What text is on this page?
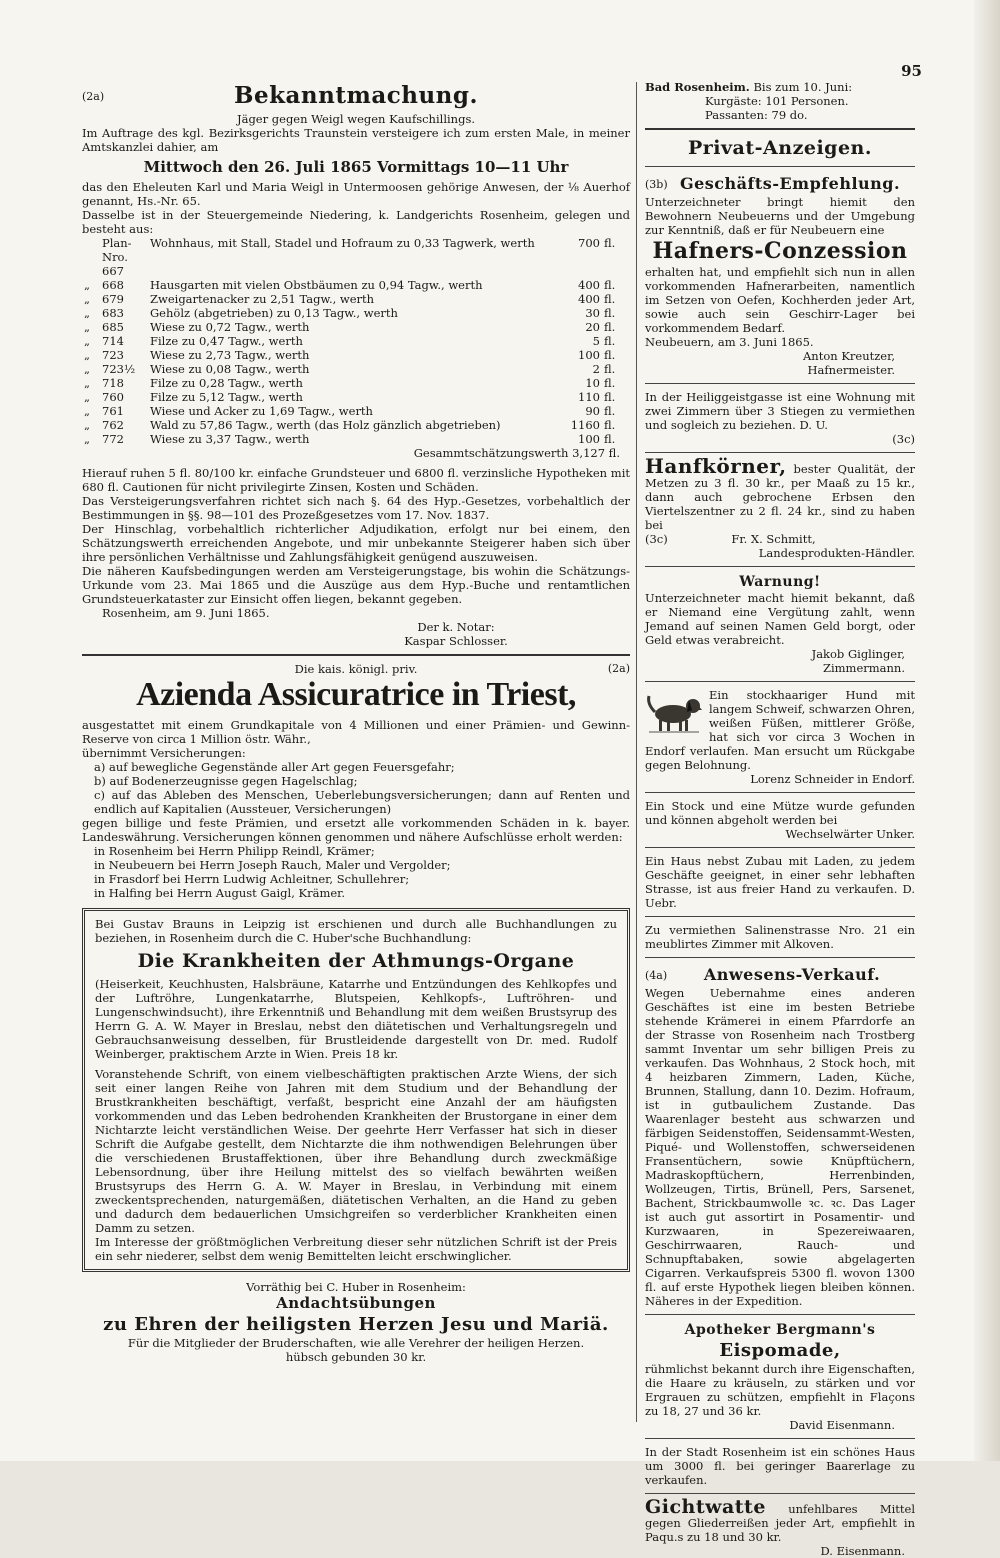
95
(2a)	Bekanntmachung.

Jäger gegen Weigl wegen Kaufschillings.

Im Auftrage des kgl. Bezirksgerichts Traunstein versteigere ich zum ersten Male, in meiner Amtskanzlei dahier, am

Mittwoch den 26. Juli 1865 Vormittags 10—11 Uhr

das den Eheleuten Karl und Maria Weigl in Untermoosen gehörige Anwesen, der ⅛ Auerhof genannt, Hs.-Nr. 65.

Dasselbe ist in der Steuergemeinde Niedering, k. Landgerichts Rosenheim, gelegen und besteht aus:

	Plan-Nro. 667	Wohnhaus, mit Stall, Stadel und Hofraum zu 0,33 Tagwerk, werth	700	fl.
„	668	Hausgarten mit vielen Obstbäumen zu 0,94 Tagw., werth	400	fl.
„	679	Zweigartenacker zu 2,51 Tagw., werth	400	fl.
„	683	Gehölz (abgetrieben) zu 0,13 Tagw., werth	30	fl.
„	685	Wiese zu 0,72 Tagw., werth	20	fl.
„	714	Filze zu 0,47 Tagw., werth	5	fl.
„	723	Wiese zu 2,73 Tagw., werth	100	fl.
„	723½	Wiese zu 0,08 Tagw., werth	2	fl.
„	718	Filze zu 0,28 Tagw., werth	10	fl.
„	760	Filze zu 5,12 Tagw., werth	110	fl.
„	761	Wiese und Acker zu 1,69 Tagw., werth	90	fl.
„	762	Wald zu 57,86 Tagw., werth (das Holz gänzlich abgetrieben)	1160	fl.
„	772	Wiese zu 3,37 Tagw., werth	100	fl.

Gesammtschätzungswerth 3,127 fl.

Hierauf ruhen 5 fl. 80/100 kr. einfache Grundsteuer und 6800 fl. verzinsliche Hypotheken mit 680 fl. Cautionen für nicht privilegirte Zinsen, Kosten und Schäden.

Das Versteigerungsverfahren richtet sich nach §. 64 des Hyp.-Gesetzes, vorbehaltlich der Bestimmungen in §§. 98—101 des Prozeßgesetzes vom 17. Nov. 1837.

Der Hinschlag, vorbehaltlich richterlicher Adjudikation, erfolgt nur bei einem, den Schätzungswerth erreichenden Angebote, und mir unbekannte Steigerer haben sich über ihre persönlichen Verhältnisse und Zahlungsfähigkeit genügend auszuweisen.

Die näheren Kaufsbedingungen werden am Versteigerungstage, bis wohin die Schätzungs-Urkunde vom 23. Mai 1865 und die Auszüge aus dem Hyp.-Buche und rentamtlichen Grundsteuerkataster zur Einsicht offen liegen, bekannt gegeben.

Rosenheim, am 9. Juni 1865.

Der k. Notar:

Kaspar Schlosser.

Die kais. königl. priv.	(2a)
Azienda Assicuratrice in Triest,

ausgestattet mit einem Grundkapitale von 4 Millionen und einer Prämien- und Gewinn-Reserve von circa 1 Million östr. Währ.,

übernimmt Versicherungen:

a) auf bewegliche Gegenstände aller Art gegen Feuersgefahr;

b) auf Bodenerzeugnisse gegen Hagelschlag;

c) auf das Ableben des Menschen, Ueberlebungsversicherungen; dann auf Renten und endlich auf Kapitalien (Aussteuer, Versicherungen)

gegen billige und feste Prämien, und ersetzt alle vorkommenden Schäden in k. bayer. Landeswährung. Versicherungen können genommen und nähere Aufschlüsse erholt werden:

in Rosenheim bei Herrn Philipp Reindl, Krämer;

in Neubeuern bei Herrn Joseph Rauch, Maler und Vergolder;

in Frasdorf bei Herrn Ludwig Achleitner, Schullehrer;

in Halfing bei Herrn August Gaigl, Krämer.

Bei Gustav Brauns in Leipzig ist erschienen und durch alle Buchhandlungen zu beziehen, in Rosenheim durch die C. Huber'sche Buchhandlung:

Die Krankheiten der Athmungs-Organe

(Heiserkeit, Keuchhusten, Halsbräune, Katarrhe und Entzündungen des Kehlkopfes und der Luftröhre, Lungenkatarrhe, Blutspeien, Kehlkopfs-, Luftröhren- und Lungenschwindsucht), ihre Erkenntniß und Behandlung mit dem weißen Brustsyrup des Herrn G. A. W. Mayer in Breslau, nebst den diätetischen und Verhaltungsregeln und Gebrauchsanweisung desselben, für Brustleidende dargestellt von Dr. med. Rudolf Weinberger, praktischem Arzte in Wien. Preis 18 kr.

Voranstehende Schrift, von einem vielbeschäftigten praktischen Arzte Wiens, der sich seit einer langen Reihe von Jahren mit dem Studium und der Behandlung der Brustkrankheiten beschäftigt, verfaßt, bespricht eine Anzahl der am häufigsten vorkommenden und das Leben bedrohenden Krankheiten der Brustorgane in einer dem Nichtarzte leicht verständlichen Weise. Der geehrte Herr Verfasser hat sich in dieser Schrift die Aufgabe gestellt, dem Nichtarzte die ihm nothwendigen Belehrungen über die verschiedenen Brustaffektionen, über ihre Behandlung durch zweckmäßige Lebensordnung, über ihre Heilung mittelst des so vielfach bewährten weißen Brustsyrups des Herrn G. A. W. Mayer in Breslau, in Verbindung mit einem zweckentsprechenden, naturgemäßen, diätetischen Verhalten, an die Hand zu geben und dadurch dem bedauerlichen Umsichgreifen so verderblicher Krankheiten einen Damm zu setzen.

Im Interesse der größtmöglichen Verbreitung dieser sehr nützlichen Schrift ist der Preis ein sehr niederer, selbst dem wenig Bemittelten leicht erschwinglicher.

Vorräthig bei C. Huber in Rosenheim:

Andachtsübungen
zu Ehren der heiligsten Herzen Jesu und Mariä.

Für die Mitglieder der Bruderschaften, wie alle Verehrer der heiligen Herzen.

hübsch gebunden 30 kr.

Bad Rosenheim. Bis zum 10. Juni:

Kurgäste: 101 Personen.

Passanten: 79 do.

Privat-Anzeigen.
(3b) Geschäfts-Empfehlung.

Unterzeichneter bringt hiemit den Bewohnern Neubeuerns und der Umgebung zur Kenntniß, daß er für Neubeuern eine

Hafners-Conzession

erhalten hat, und empfiehlt sich nun in allen vorkommenden Hafnerarbeiten, namentlich im Setzen von Oefen, Kochherden jeder Art, sowie auch sein Geschirr-Lager bei vorkommendem Bedarf.

Neubeuern, am 3. Juni 1865.

Anton Kreutzer,

Hafnermeister.

In der Heiliggeistgasse ist eine Wohnung mit zwei Zimmern über 3 Stiegen zu vermiethen und sogleich zu beziehen. D. U.

(3c)

Hanfkörner, bester Qualität, der Metzen zu 3 fl. 30 kr., per Maaß zu 15 kr., dann auch gebrochene Erbsen den Viertelszentner zu 2 fl. 24 kr., sind zu haben bei

(3c)	Fr. X. Schmitt,

Landesprodukten-Händler.

Warnung!

Unterzeichneter macht hiemit bekannt, daß er Niemand eine Vergütung zahlt, wenn Jemand auf seinen Namen Geld borgt, oder Geld etwas verabreicht.

Jakob Giglinger,

Zimmermann.

Ein stockhaariger Hund mit langem Schweif, schwarzen Ohren, weißen Füßen, mittlerer Größe, hat sich vor circa 3 Wochen in Endorf verlaufen. Man ersucht um Rückgabe gegen Belohnung.

Lorenz Schneider in Endorf.

Ein Stock und eine Mütze wurde gefunden und können abgeholt werden bei

Wechselwärter Unker.

Ein Haus nebst Zubau mit Laden, zu jedem Geschäfte geeignet, in einer sehr lebhaften Strasse, ist aus freier Hand zu verkaufen. D. Uebr.

Zu vermiethen Salinenstrasse Nro. 21 ein meublirtes Zimmer mit Alkoven.

(4a)	Anwesens-Verkauf.

Wegen Uebernahme eines anderen Geschäftes ist eine im besten Betriebe stehende Krämerei in einem Pfarrdorfe an der Strasse von Rosenheim nach Trostberg sammt Inventar um sehr billigen Preis zu verkaufen. Das Wohnhaus, 2 Stock hoch, mit 4 heizbaren Zimmern, Laden, Küche, Brunnen, Stallung, dann 10. Dezim. Hofraum, ist in gutbaulichem Zustande. Das Waarenlager besteht aus schwarzen und färbigen Seidenstoffen, Seidensammt-Westen, Piqué- und Wollenstoffen, schwerseidenen Fransentüchern, sowie Knüpftüchern, Madraskopftüchern, Herrenbinden, Wollzeugen, Tirtis, Brünell, Pers, Sarsenet, Bachent, Strickbaumwolle ꝛc. ꝛc. Das Lager ist auch gut assortirt in Posamentir- und Kurzwaaren, in Spezereiwaaren, Geschirrwaaren, Rauch- und Schnupftabaken, sowie abgelagerten Cigarren. Verkaufspreis 5300 fl. wovon 1300 fl. auf erste Hypothek liegen bleiben können. Näheres in der Expedition.

Apotheker Bergmann's
Eispomade,

rühmlichst bekannt durch ihre Eigenschaften, die Haare zu kräuseln, zu stärken und vor Ergrauen zu schützen, empfiehlt in Flaçons zu 18, 27 und 36 kr.

David Eisenmann.

In der Stadt Rosenheim ist ein schönes Haus um 3000 fl. bei geringer Baarerlage zu verkaufen.

Gichtwatte unfehlbares Mittel gegen Gliederreißen jeder Art, empfiehlt in Paqu.s zu 18 und 30 kr.

D. Eisenmann.
